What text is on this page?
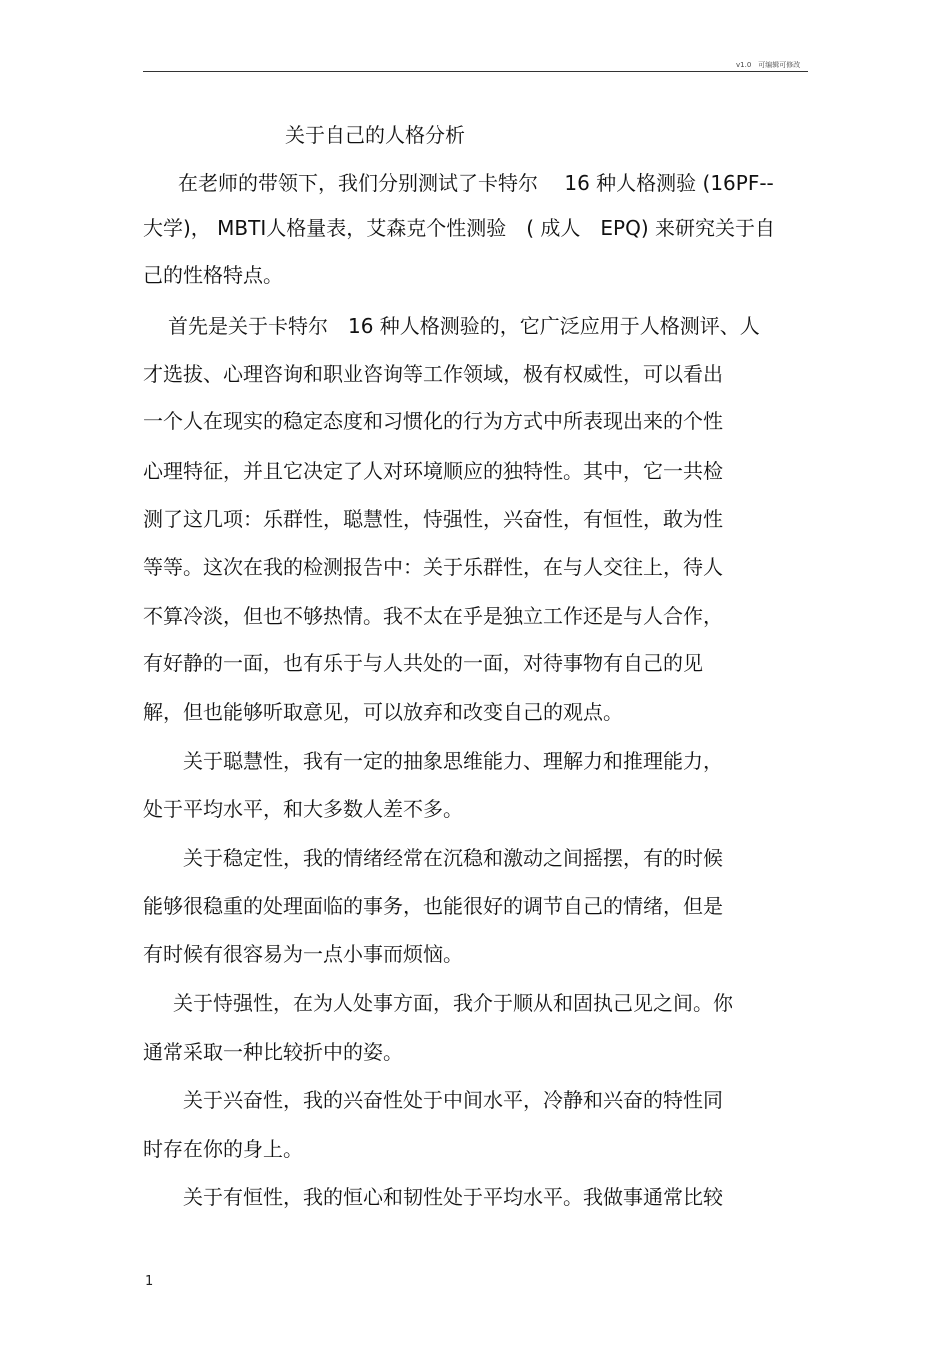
v1.0　可编辑可修改
关于自己的人格分析
在老师的带领下，我们分别测试了卡特尔　 16 种人格测验 (16PF--
大学)， MBTI人格量表，艾森克个性测验　( 成人　EPQ) 来研究关于自
己的性格特点。
首先是关于卡特尔　16 种人格测验的，它广泛应用于人格测评、人
才选拔、心理咨询和职业咨询等工作领域，极有权威性，可以看出
一个人在现实的稳定态度和习惯化的行为方式中所表现出来的个性
心理特征，并且它决定了人对环境顺应的独特性。其中，它一共检
测了这几项：乐群性，聪慧性，恃强性，兴奋性，有恒性，敢为性
等等。这次在我的检测报告中：关于乐群性，在与人交往上，待人
不算冷淡，但也不够热情。我不太在乎是独立工作还是与人合作，
有好静的一面，也有乐于与人共处的一面，对待事物有自己的见
解，但也能够听取意见，可以放弃和改变自己的观点。
关于聪慧性，我有一定的抽象思维能力、理解力和推理能力，
处于平均水平，和大多数人差不多。
关于稳定性，我的情绪经常在沉稳和激动之间摇摆，有的时候
能够很稳重的处理面临的事务，也能很好的调节自己的情绪，但是
有时候有很容易为一点小事而烦恼。
关于恃强性，在为人处事方面，我介于顺从和固执己见之间。你
通常采取一种比较折中的姿。
关于兴奋性，我的兴奋性处于中间水平，冷静和兴奋的特性同
时存在你的身上。
关于有恒性，我的恒心和韧性处于平均水平。我做事通常比较
1
